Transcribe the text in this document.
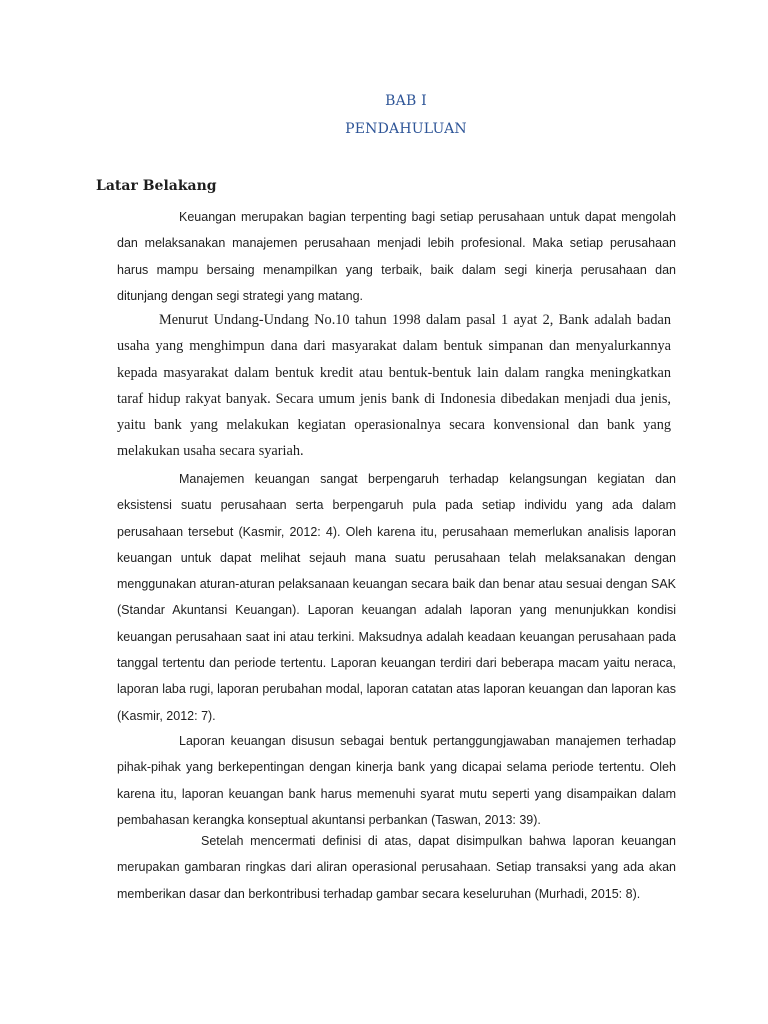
BAB I
PENDAHULUAN
Latar Belakang

Keuangan merupakan bagian terpenting bagi setiap perusahaan untuk dapat mengolah dan melaksanakan manajemen perusahaan menjadi lebih profesional. Maka setiap perusahaan harus mampu bersaing menampilkan yang terbaik, baik dalam segi kinerja perusahaan dan ditunjang dengan segi strategi yang matang.

Menurut Undang-Undang No.10 tahun 1998 dalam pasal 1 ayat 2, Bank adalah badan usaha yang menghimpun dana dari masyarakat dalam bentuk simpanan dan menyalurkannya kepada masyarakat dalam bentuk kredit atau bentuk-bentuk lain dalam rangka meningkatkan taraf hidup rakyat banyak. Secara umum jenis bank di Indonesia dibedakan menjadi dua jenis, yaitu bank yang melakukan kegiatan operasionalnya secara konvensional dan bank yang melakukan usaha secara syariah.

Manajemen keuangan sangat berpengaruh terhadap kelangsungan kegiatan dan eksistensi suatu perusahaan serta berpengaruh pula pada setiap individu yang ada dalam perusahaan tersebut (Kasmir, 2012: 4). Oleh karena itu, perusahaan memerlukan analisis laporan keuangan untuk dapat melihat sejauh mana suatu perusahaan telah melaksanakan dengan menggunakan aturan-aturan pelaksanaan keuangan secara baik dan benar atau sesuai dengan SAK (Standar Akuntansi Keuangan). Laporan keuangan adalah laporan yang menunjukkan kondisi keuangan perusahaan saat ini atau terkini. Maksudnya adalah keadaan keuangan perusahaan pada tanggal tertentu dan periode tertentu. Laporan keuangan terdiri dari beberapa macam yaitu neraca, laporan laba rugi, laporan perubahan modal, laporan catatan atas laporan keuangan dan laporan kas (Kasmir, 2012: 7).

Laporan keuangan disusun sebagai bentuk pertanggungjawaban manajemen terhadap pihak-pihak yang berkepentingan dengan kinerja bank yang dicapai selama periode tertentu. Oleh karena itu, laporan keuangan bank harus memenuhi syarat mutu seperti yang disampaikan dalam pembahasan kerangka konseptual akuntansi perbankan (Taswan, 2013: 39).

Setelah mencermati definisi di atas, dapat disimpulkan bahwa laporan keuangan merupakan gambaran ringkas dari aliran operasional perusahaan. Setiap transaksi yang ada akan memberikan dasar dan berkontribusi terhadap gambar secara keseluruhan (Murhadi, 2015: 8).
